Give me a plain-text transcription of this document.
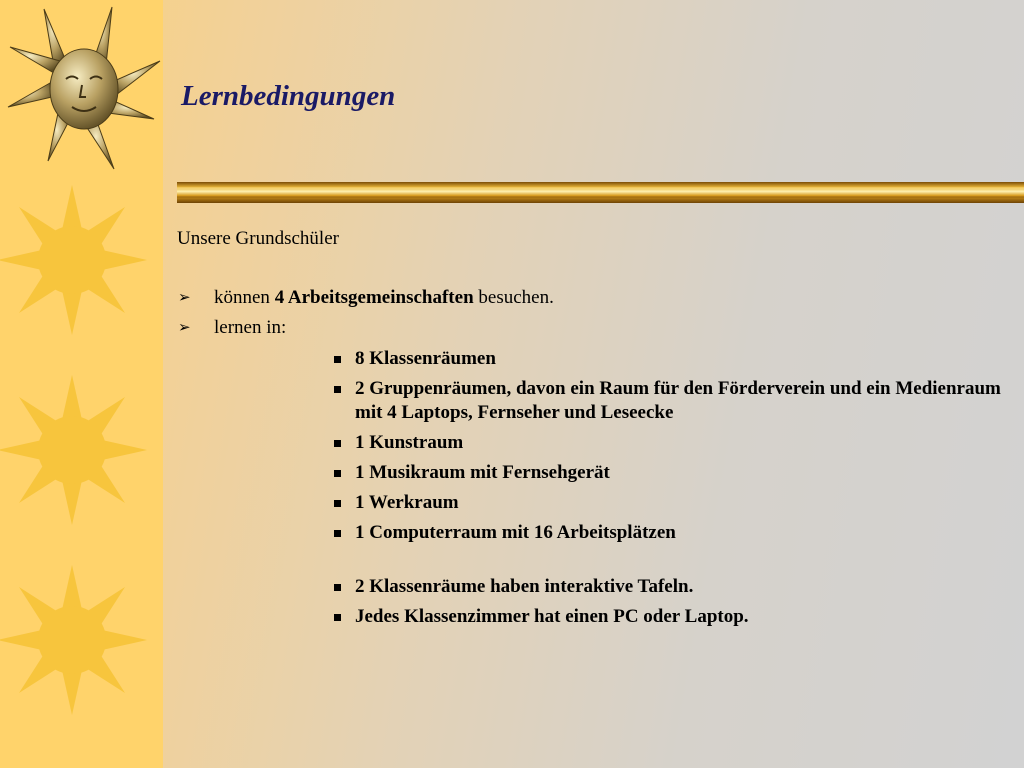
Lernbedingungen

Unsere Grundschüler

➢ können 4 Arbeitsgemeinschaften besuchen.
➢ lernen in:
8 Klassenräumen
2 Gruppenräumen, davon ein Raum für den Förderverein und ein Medienraum mit 4 Laptops, Fernseher und Leseecke
1 Kunstraum
1 Musikraum mit Fernsehgerät
1 Werkraum
1 Computerraum mit 16 Arbeitsplätzen
2 Klassenräume haben interaktive Tafeln.
Jedes Klassenzimmer hat einen PC oder Laptop.
